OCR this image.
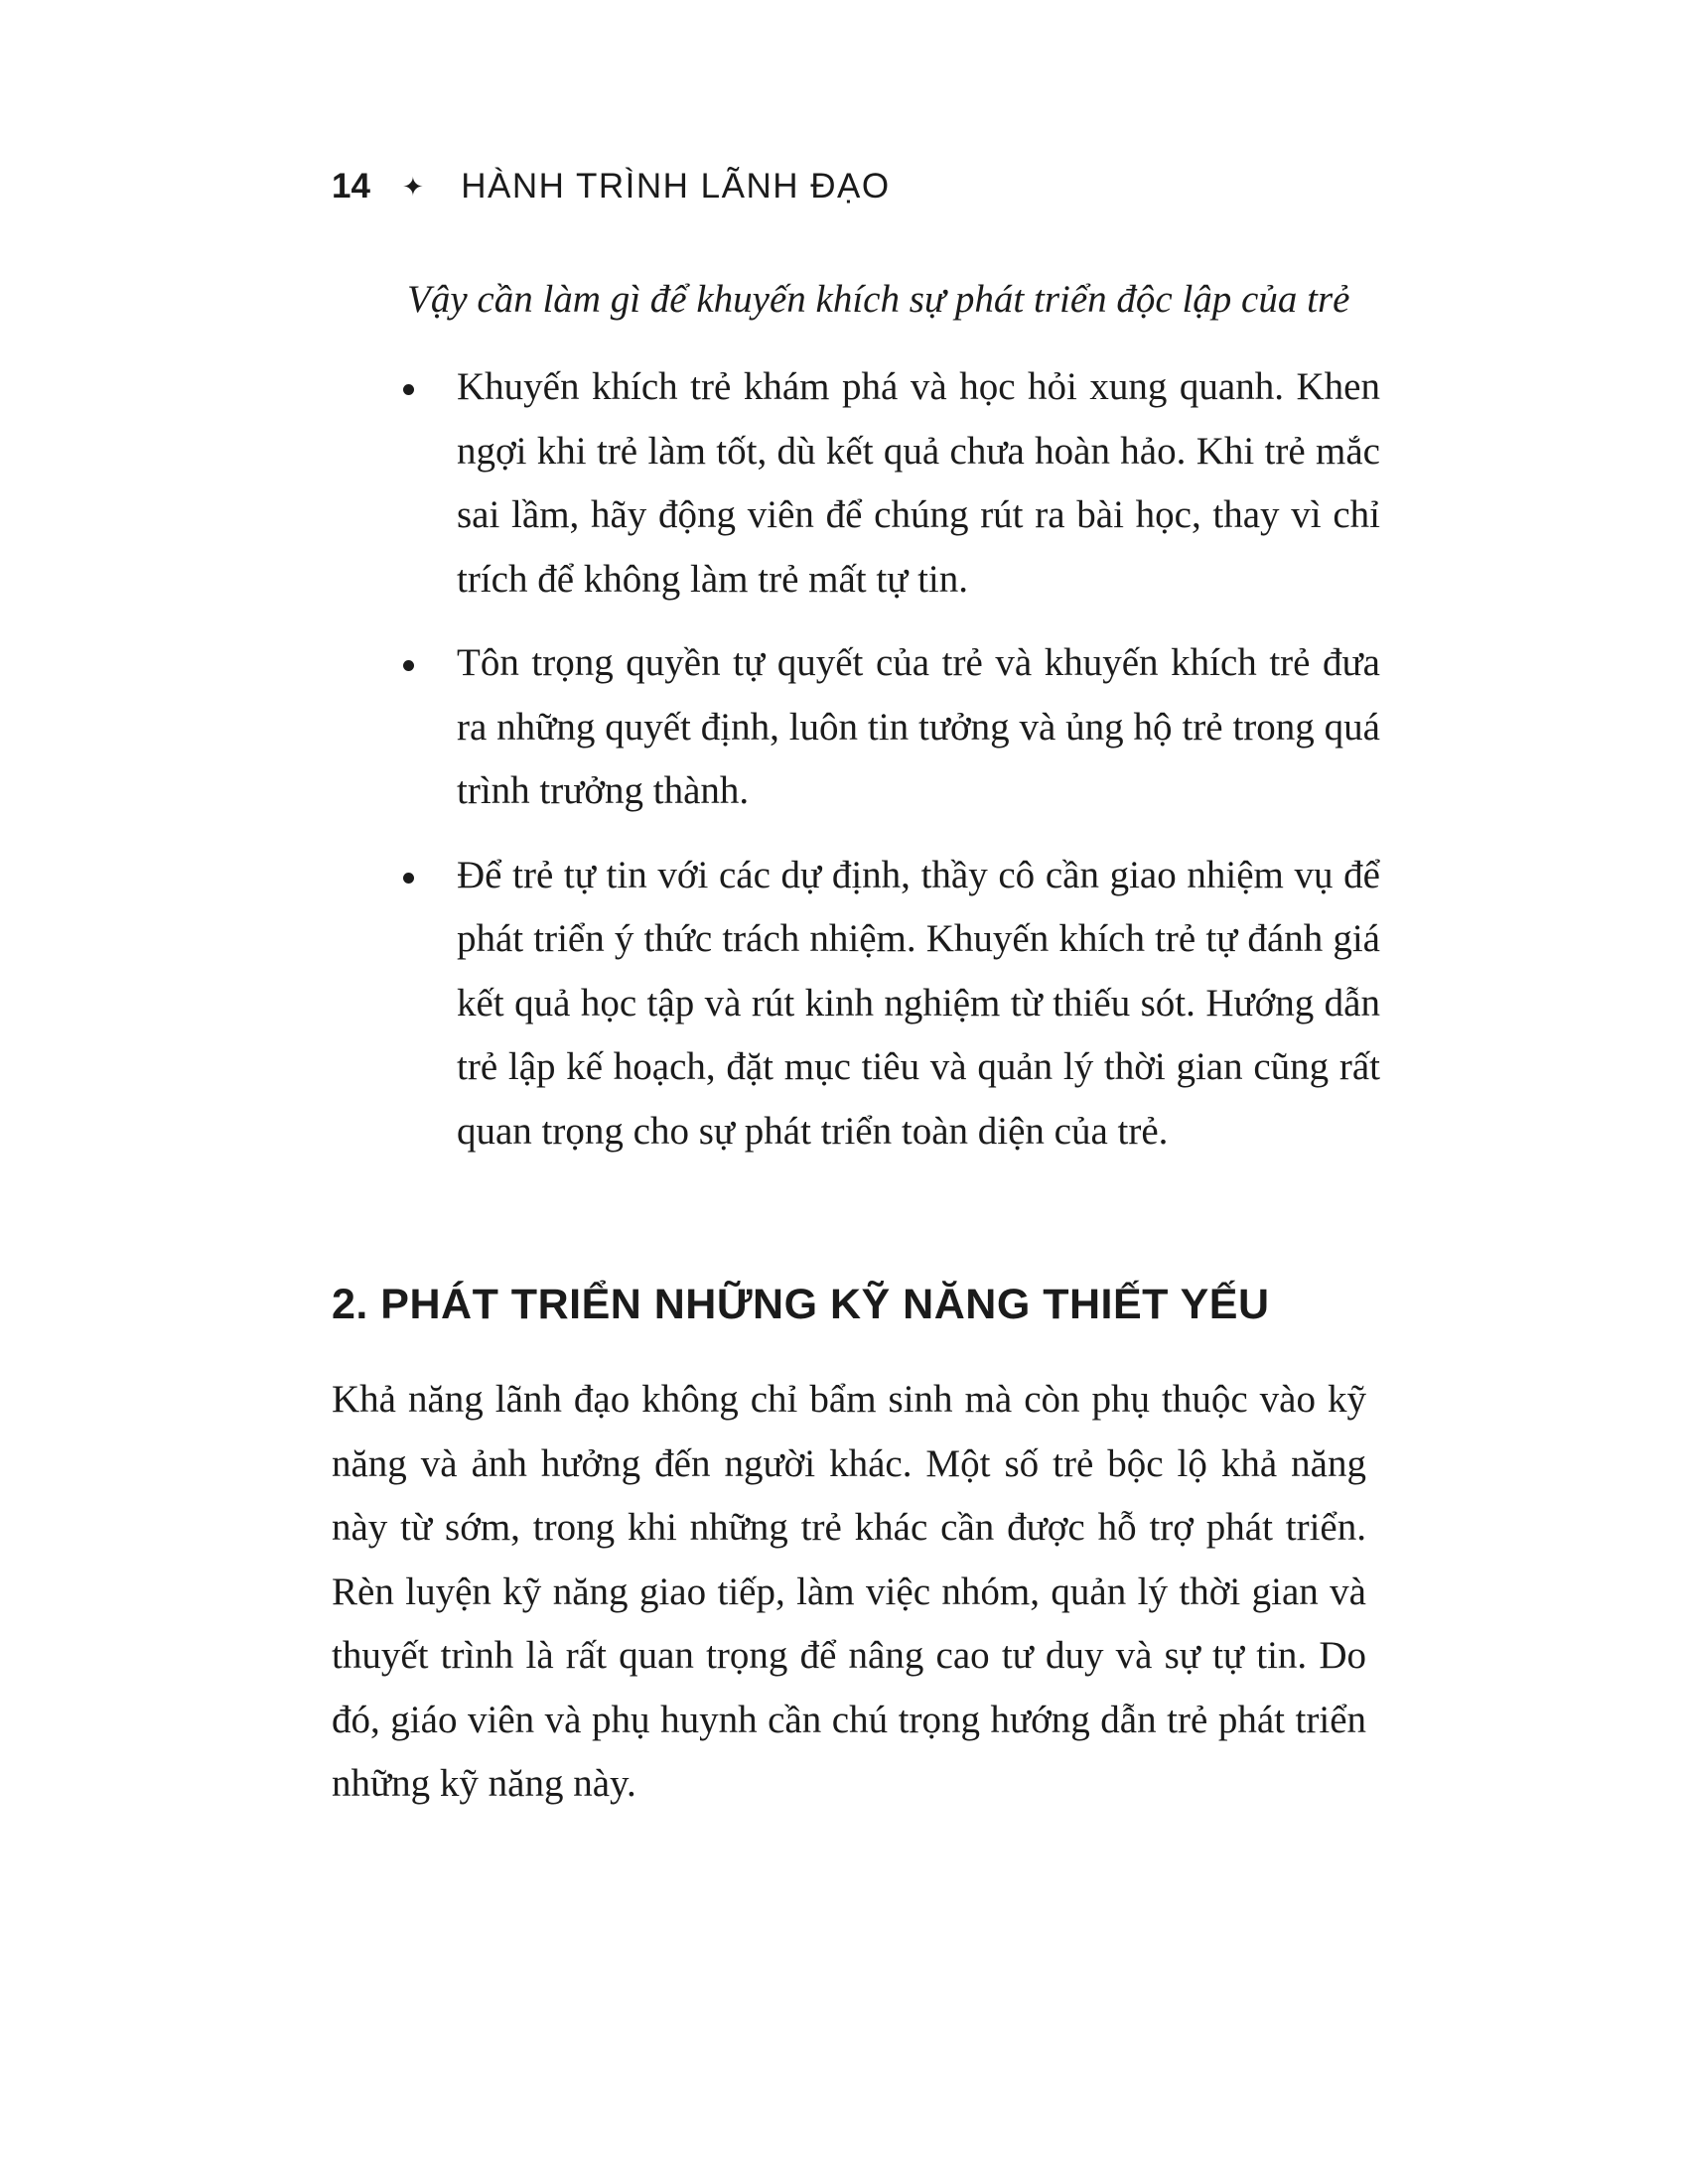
14 ✦ HÀNH TRÌNH LÃNH ĐẠO

Vậy cần làm gì để khuyến khích sự phát triển độc lập của trẻ

Khuyến khích trẻ khám phá và học hỏi xung quanh. Khen ngợi khi trẻ làm tốt, dù kết quả chưa hoàn hảo. Khi trẻ mắc sai lầm, hãy động viên để chúng rút ra bài học, thay vì chỉ trích để không làm trẻ mất tự tin.
Tôn trọng quyền tự quyết của trẻ và khuyến khích trẻ đưa ra những quyết định, luôn tin tưởng và ủng hộ trẻ trong quá trình trưởng thành.
Để trẻ tự tin với các dự định, thầy cô cần giao nhiệm vụ để phát triển ý thức trách nhiệm. Khuyến khích trẻ tự đánh giá kết quả học tập và rút kinh nghiệm từ thiếu sót. Hướng dẫn trẻ lập kế hoạch, đặt mục tiêu và quản lý thời gian cũng rất quan trọng cho sự phát triển toàn diện của trẻ.
2. PHÁT TRIỂN NHỮNG KỸ NĂNG THIẾT YẾU

Khả năng lãnh đạo không chỉ bẩm sinh mà còn phụ thuộc vào kỹ năng và ảnh hưởng đến người khác. Một số trẻ bộc lộ khả năng này từ sớm, trong khi những trẻ khác cần được hỗ trợ phát triển. Rèn luyện kỹ năng giao tiếp, làm việc nhóm, quản lý thời gian và thuyết trình là rất quan trọng để nâng cao tư duy và sự tự tin. Do đó, giáo viên và phụ huynh cần chú trọng hướng dẫn trẻ phát triển những kỹ năng này.
